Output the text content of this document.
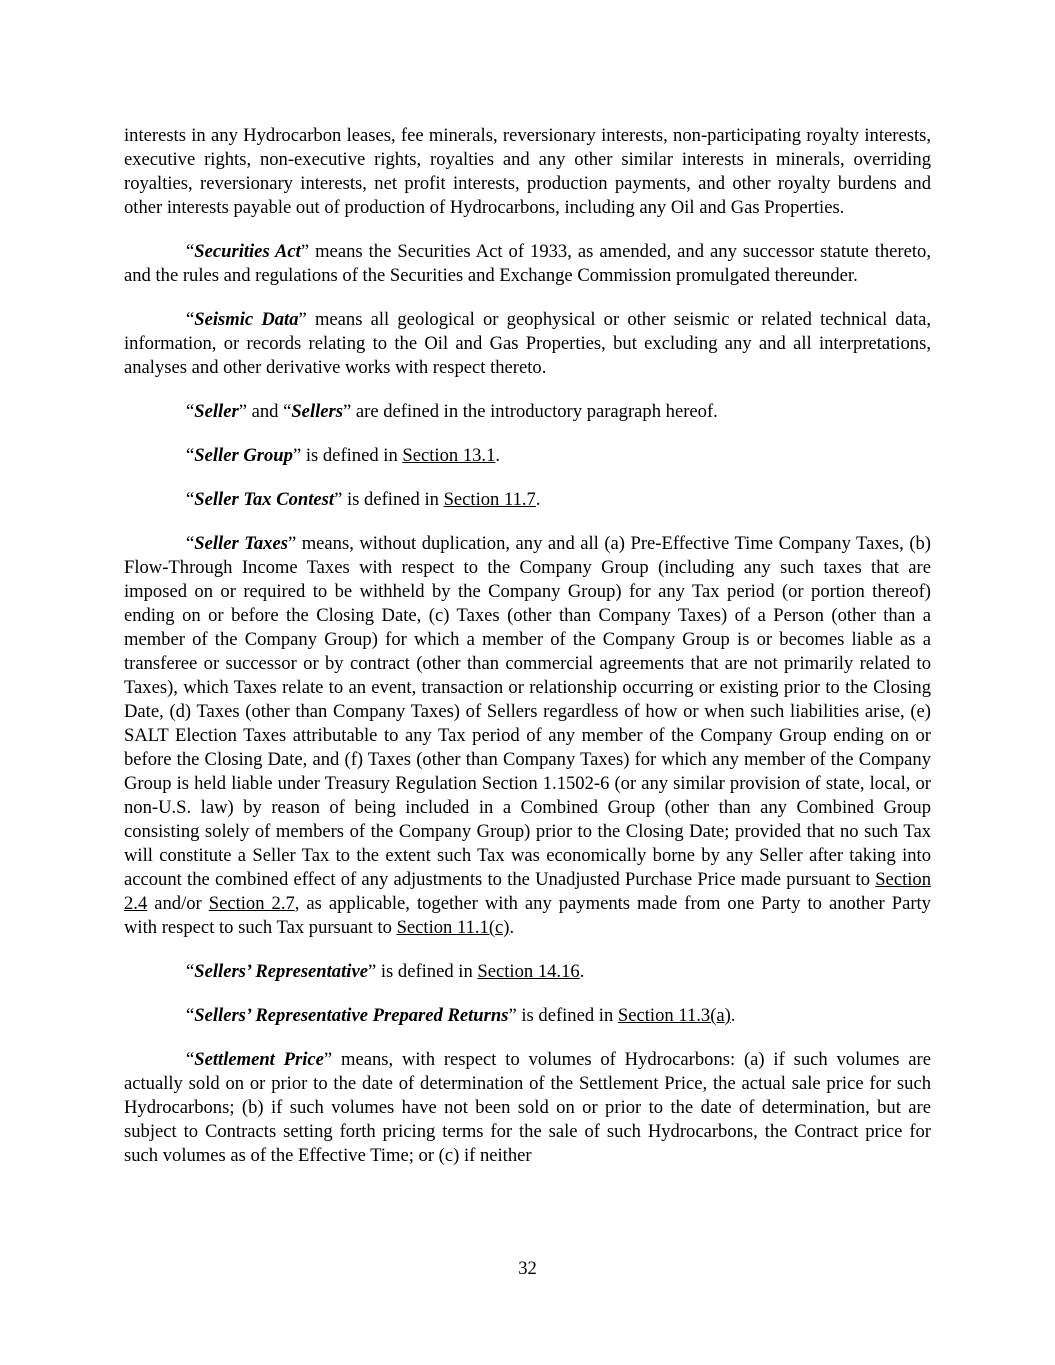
interests in any Hydrocarbon leases, fee minerals, reversionary interests, non-participating royalty interests, executive rights, non-executive rights, royalties and any other similar interests in minerals, overriding royalties, reversionary interests, net profit interests, production payments, and other royalty burdens and other interests payable out of production of Hydrocarbons, including any Oil and Gas Properties.

“Securities Act” means the Securities Act of 1933, as amended, and any successor statute thereto, and the rules and regulations of the Securities and Exchange Commission promulgated thereunder.

“Seismic Data” means all geological or geophysical or other seismic or related technical data, information, or records relating to the Oil and Gas Properties, but excluding any and all interpretations, analyses and other derivative works with respect thereto.

“Seller” and “Sellers” are defined in the introductory paragraph hereof.

“Seller Group” is defined in Section 13.1.

“Seller Tax Contest” is defined in Section 11.7.

“Seller Taxes” means, without duplication, any and all (a) Pre-Effective Time Company Taxes, (b) Flow-Through Income Taxes with respect to the Company Group (including any such taxes that are imposed on or required to be withheld by the Company Group) for any Tax period (or portion thereof) ending on or before the Closing Date, (c) Taxes (other than Company Taxes) of a Person (other than a member of the Company Group) for which a member of the Company Group is or becomes liable as a transferee or successor or by contract (other than commercial agreements that are not primarily related to Taxes), which Taxes relate to an event, transaction or relationship occurring or existing prior to the Closing Date, (d) Taxes (other than Company Taxes) of Sellers regardless of how or when such liabilities arise, (e) SALT Election Taxes attributable to any Tax period of any member of the Company Group ending on or before the Closing Date, and (f) Taxes (other than Company Taxes) for which any member of the Company Group is held liable under Treasury Regulation Section 1.1502-6 (or any similar provision of state, local, or non-U.S. law) by reason of being included in a Combined Group (other than any Combined Group consisting solely of members of the Company Group) prior to the Closing Date; provided that no such Tax will constitute a Seller Tax to the extent such Tax was economically borne by any Seller after taking into account the combined effect of any adjustments to the Unadjusted Purchase Price made pursuant to Section 2.4 and/or Section 2.7, as applicable, together with any payments made from one Party to another Party with respect to such Tax pursuant to Section 11.1(c).

“Sellers’ Representative” is defined in Section 14.16.

“Sellers’ Representative Prepared Returns” is defined in Section 11.3(a).

“Settlement Price” means, with respect to volumes of Hydrocarbons: (a) if such volumes are actually sold on or prior to the date of determination of the Settlement Price, the actual sale price for such Hydrocarbons; (b) if such volumes have not been sold on or prior to the date of determination, but are subject to Contracts setting forth pricing terms for the sale of such Hydrocarbons, the Contract price for such volumes as of the Effective Time; or (c) if neither

32
